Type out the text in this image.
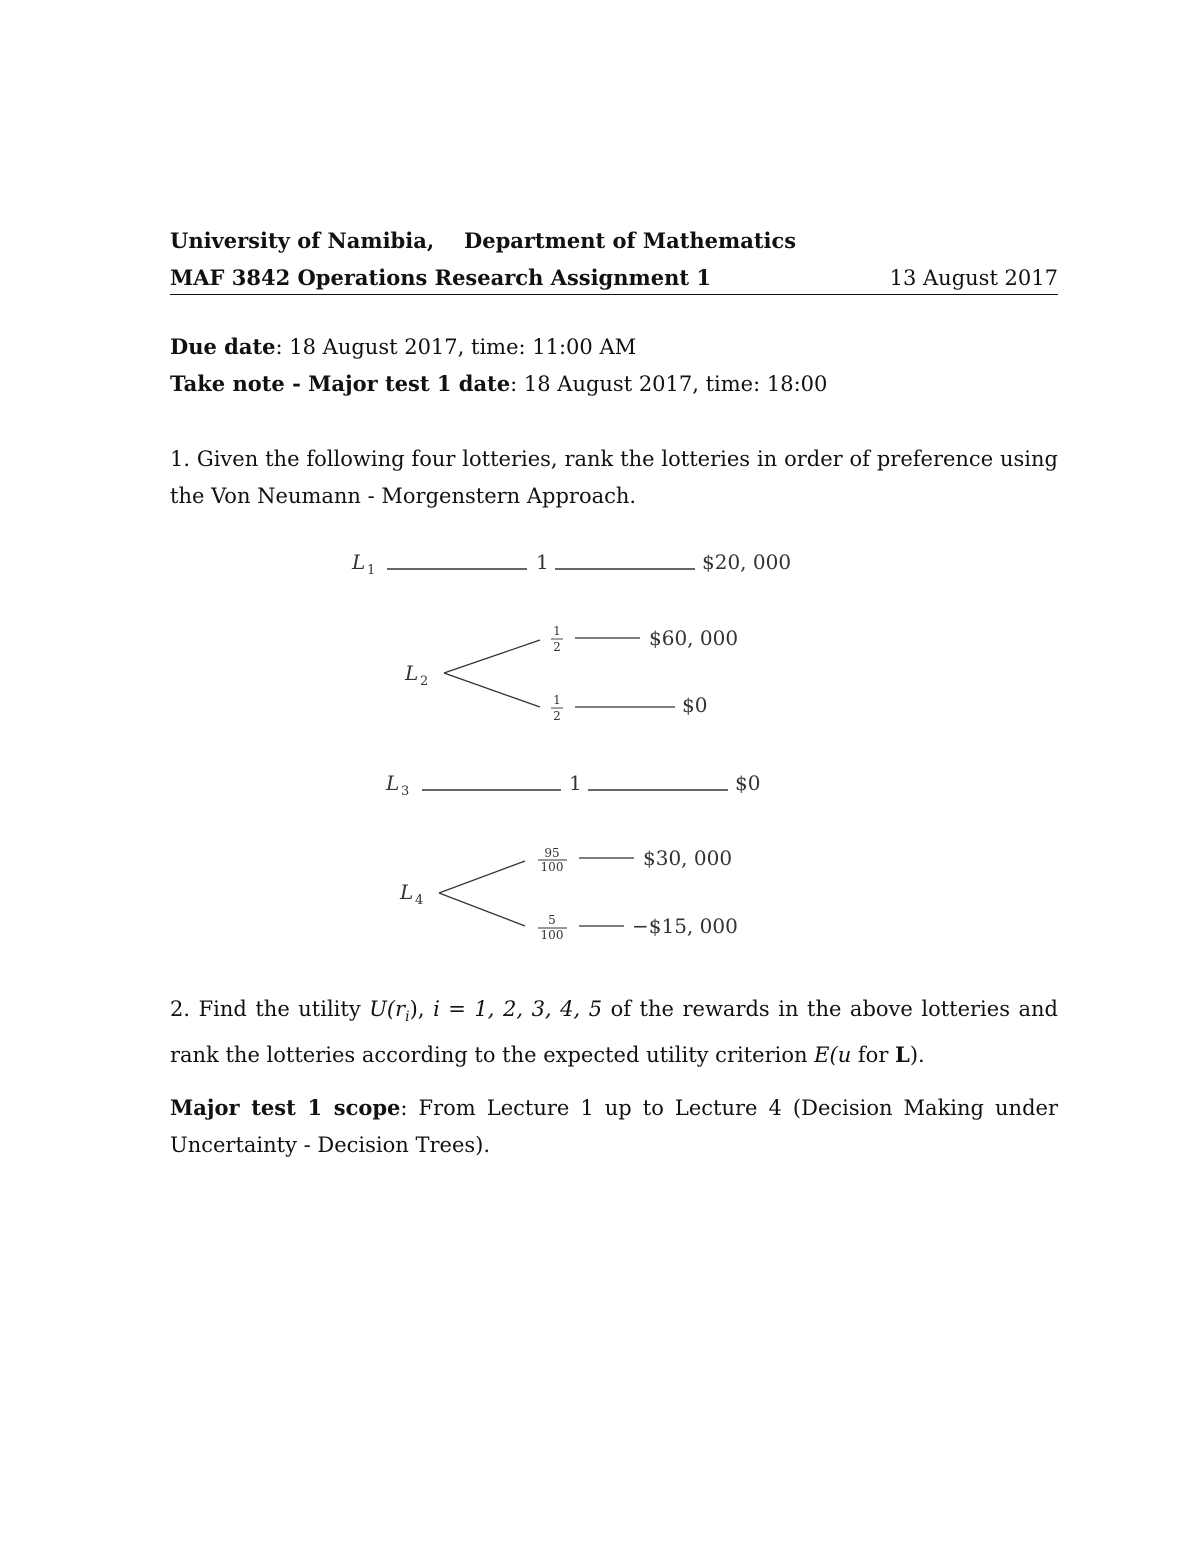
University of Namibia, Department of Mathematics
MAF 3842 Operations Research Assignment 1	13 August 2017
Due date: 18 August 2017, time: 11:00 AM
Take note - Major test 1 date: 18 August 2017, time: 18:00
1. Given the following four lotteries, rank the lotteries in order of preference using the Von Neumann - Morgenstern Approach.
2. Find the utility $U(r_i)$, i = 1, 2, 3, 4, 5 of the rewards in the above lotteries and rank the lotteries according to the expected utility criterion E(u for L).
Major test 1 scope: From Lecture 1 up to Lecture 4 (Decision Making under Uncertainty - Decision Trees).
L 1	1	$20, 000
L 2
1
2	$60, 000
1
2	$0
L 3	1	$0
L 4
95
100	$30, 000
5
100	−$15, 000
